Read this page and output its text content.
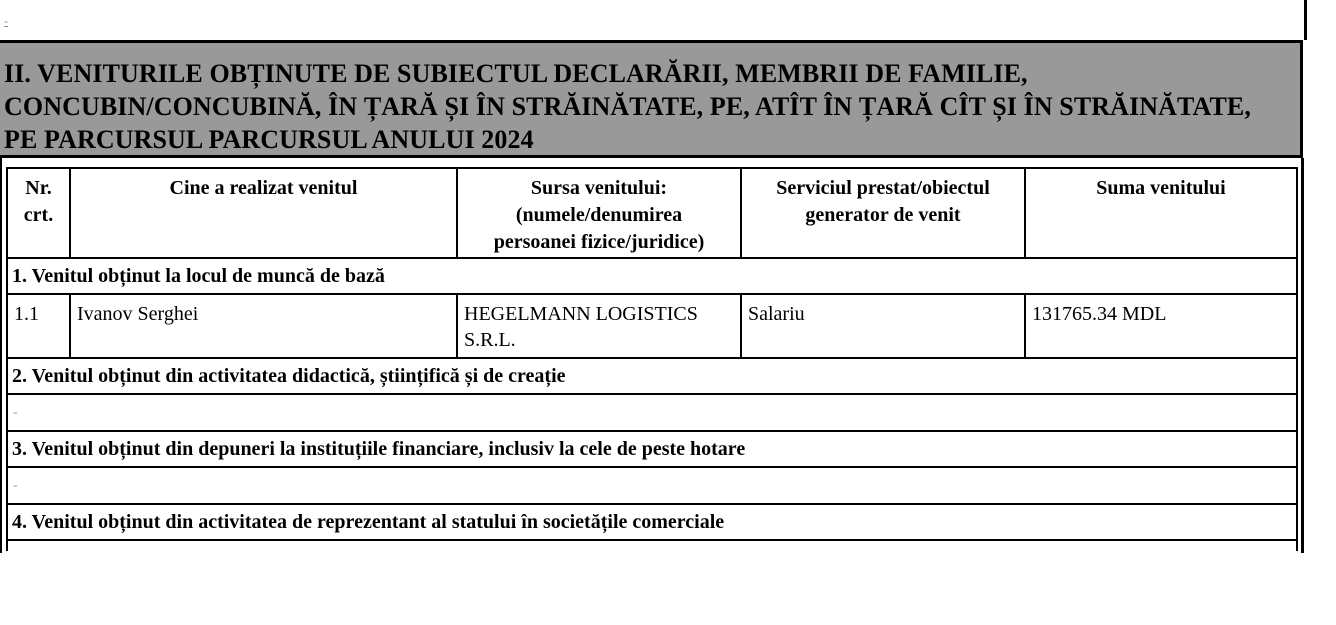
-
II. VENITURILE OBȚINUTE DE SUBIECTUL DECLARĂRII, MEMBRII DE FAMILIE,
CONCUBIN/CONCUBINĂ, ÎN ȚARĂ ȘI ÎN STRĂINĂTATE, PE, ATÎT ÎN ȚARĂ CÎT ȘI ÎN STRĂINĂTATE,
PE PARCURSUL PARCURSUL ANULUI 2024
Nr.
crt.	Cine a realizat venitul	Sursa venitului:
(numele/denumirea
persoanei fizice/juridice)	Serviciul prestat/obiectul
generator de venit	Suma venitului

1. Venitul obținut la locul de muncă de bază				
1.1	Ivanov Serghei	HEGELMANN LOGISTICS
S.R.L.	Salariu	131765.34 MDL
2. Venitul obținut din activitatea didactică, științifică și de creație				
-				
3. Venitul obținut din depuneri la instituțiile financiare, inclusiv la cele de peste hotare				
-				
4. Venitul obținut din activitatea de reprezentant al statului în societățile comerciale				
